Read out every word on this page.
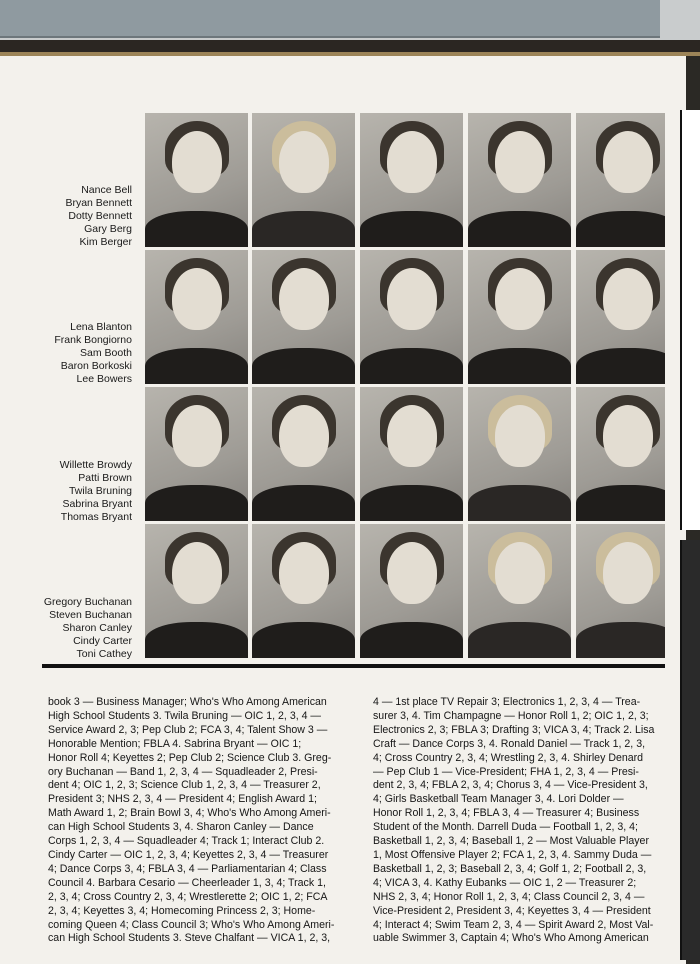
Nance Bell
Bryan Bennett
Dotty Bennett
Gary Berg
Kim Berger
Lena Blanton
Frank Bongiorno
Sam Booth
Baron Borkoski
Lee Bowers
Willette Browdy
Patti Brown
Twila Bruning
Sabrina Bryant
Thomas Bryant
Gregory Buchanan
Steven Buchanan
Sharon Canley
Cindy Carter
Toni Cathey
book 3 — Business Manager; Who's Who Among American
High School Students 3. Twila Bruning — OIC 1, 2, 3, 4 —
Service Award 2, 3; Pep Club 2; FCA 3, 4; Talent Show 3 —
Honorable Mention; FBLA 4. Sabrina Bryant — OIC 1;
Honor Roll 4; Keyettes 2; Pep Club 2; Science Club 3. Greg-
ory Buchanan — Band 1, 2, 3, 4 — Squadleader 2, Presi-
dent 4; OIC 1, 2, 3; Science Club 1, 2, 3, 4 — Treasurer 2,
President 3; NHS 2, 3, 4 — President 4; English Award 1;
Math Award 1, 2; Brain Bowl 3, 4; Who's Who Among Ameri-
can High School Students 3, 4. Sharon Canley — Dance
Corps 1, 2, 3, 4 — Squadleader 4; Track 1; Interact Club 2.
Cindy Carter — OIC 1, 2, 3, 4; Keyettes 2, 3, 4 — Treasurer
4; Dance Corps 3, 4; FBLA 3, 4 — Parliamentarian 4; Class
Council 4. Barbara Cesario — Cheerleader 1, 3, 4; Track 1,
2, 3, 4; Cross Country 2, 3, 4; Wrestlerette 2; OIC 1, 2; FCA
2, 3, 4; Keyettes 3, 4; Homecoming Princess 2, 3; Home-
coming Queen 4; Class Council 3; Who's Who Among Ameri-
can High School Students 3. Steve Chalfant — VICA 1, 2, 3,
4 — 1st place TV Repair 3; Electronics 1, 2, 3, 4 — Trea-
surer 3, 4. Tim Champagne — Honor Roll 1, 2; OIC 1, 2, 3;
Electronics 2, 3; FBLA 3; Drafting 3; VICA 3, 4; Track 2. Lisa
Craft — Dance Corps 3, 4. Ronald Daniel — Track 1, 2, 3,
4; Cross Country 2, 3, 4; Wrestling 2, 3, 4. Shirley Denard
— Pep Club 1 — Vice-President; FHA 1, 2, 3, 4 — Presi-
dent 2, 3, 4; FBLA 2, 3, 4; Chorus 3, 4 — Vice-President 3,
4; Girls Basketball Team Manager 3, 4. Lori Dolder —
Honor Roll 1, 2, 3, 4; FBLA 3, 4 — Treasurer 4; Business
Student of the Month. Darrell Duda — Football 1, 2, 3, 4;
Basketball 1, 2, 3, 4; Baseball 1, 2 — Most Valuable Player
1, Most Offensive Player 2; FCA 1, 2, 3, 4. Sammy Duda —
Basketball 1, 2, 3; Baseball 2, 3, 4; Golf 1, 2; Football 2, 3,
4; VICA 3, 4. Kathy Eubanks — OIC 1, 2 — Treasurer 2;
NHS 2, 3, 4; Honor Roll 1, 2, 3, 4; Class Council 2, 3, 4 —
Vice-President 2, President 3, 4; Keyettes 3, 4 — President
4; Interact 4; Swim Team 2, 3, 4 — Spirit Award 2, Most Val-
uable Swimmer 3, Captain 4; Who's Who Among American
